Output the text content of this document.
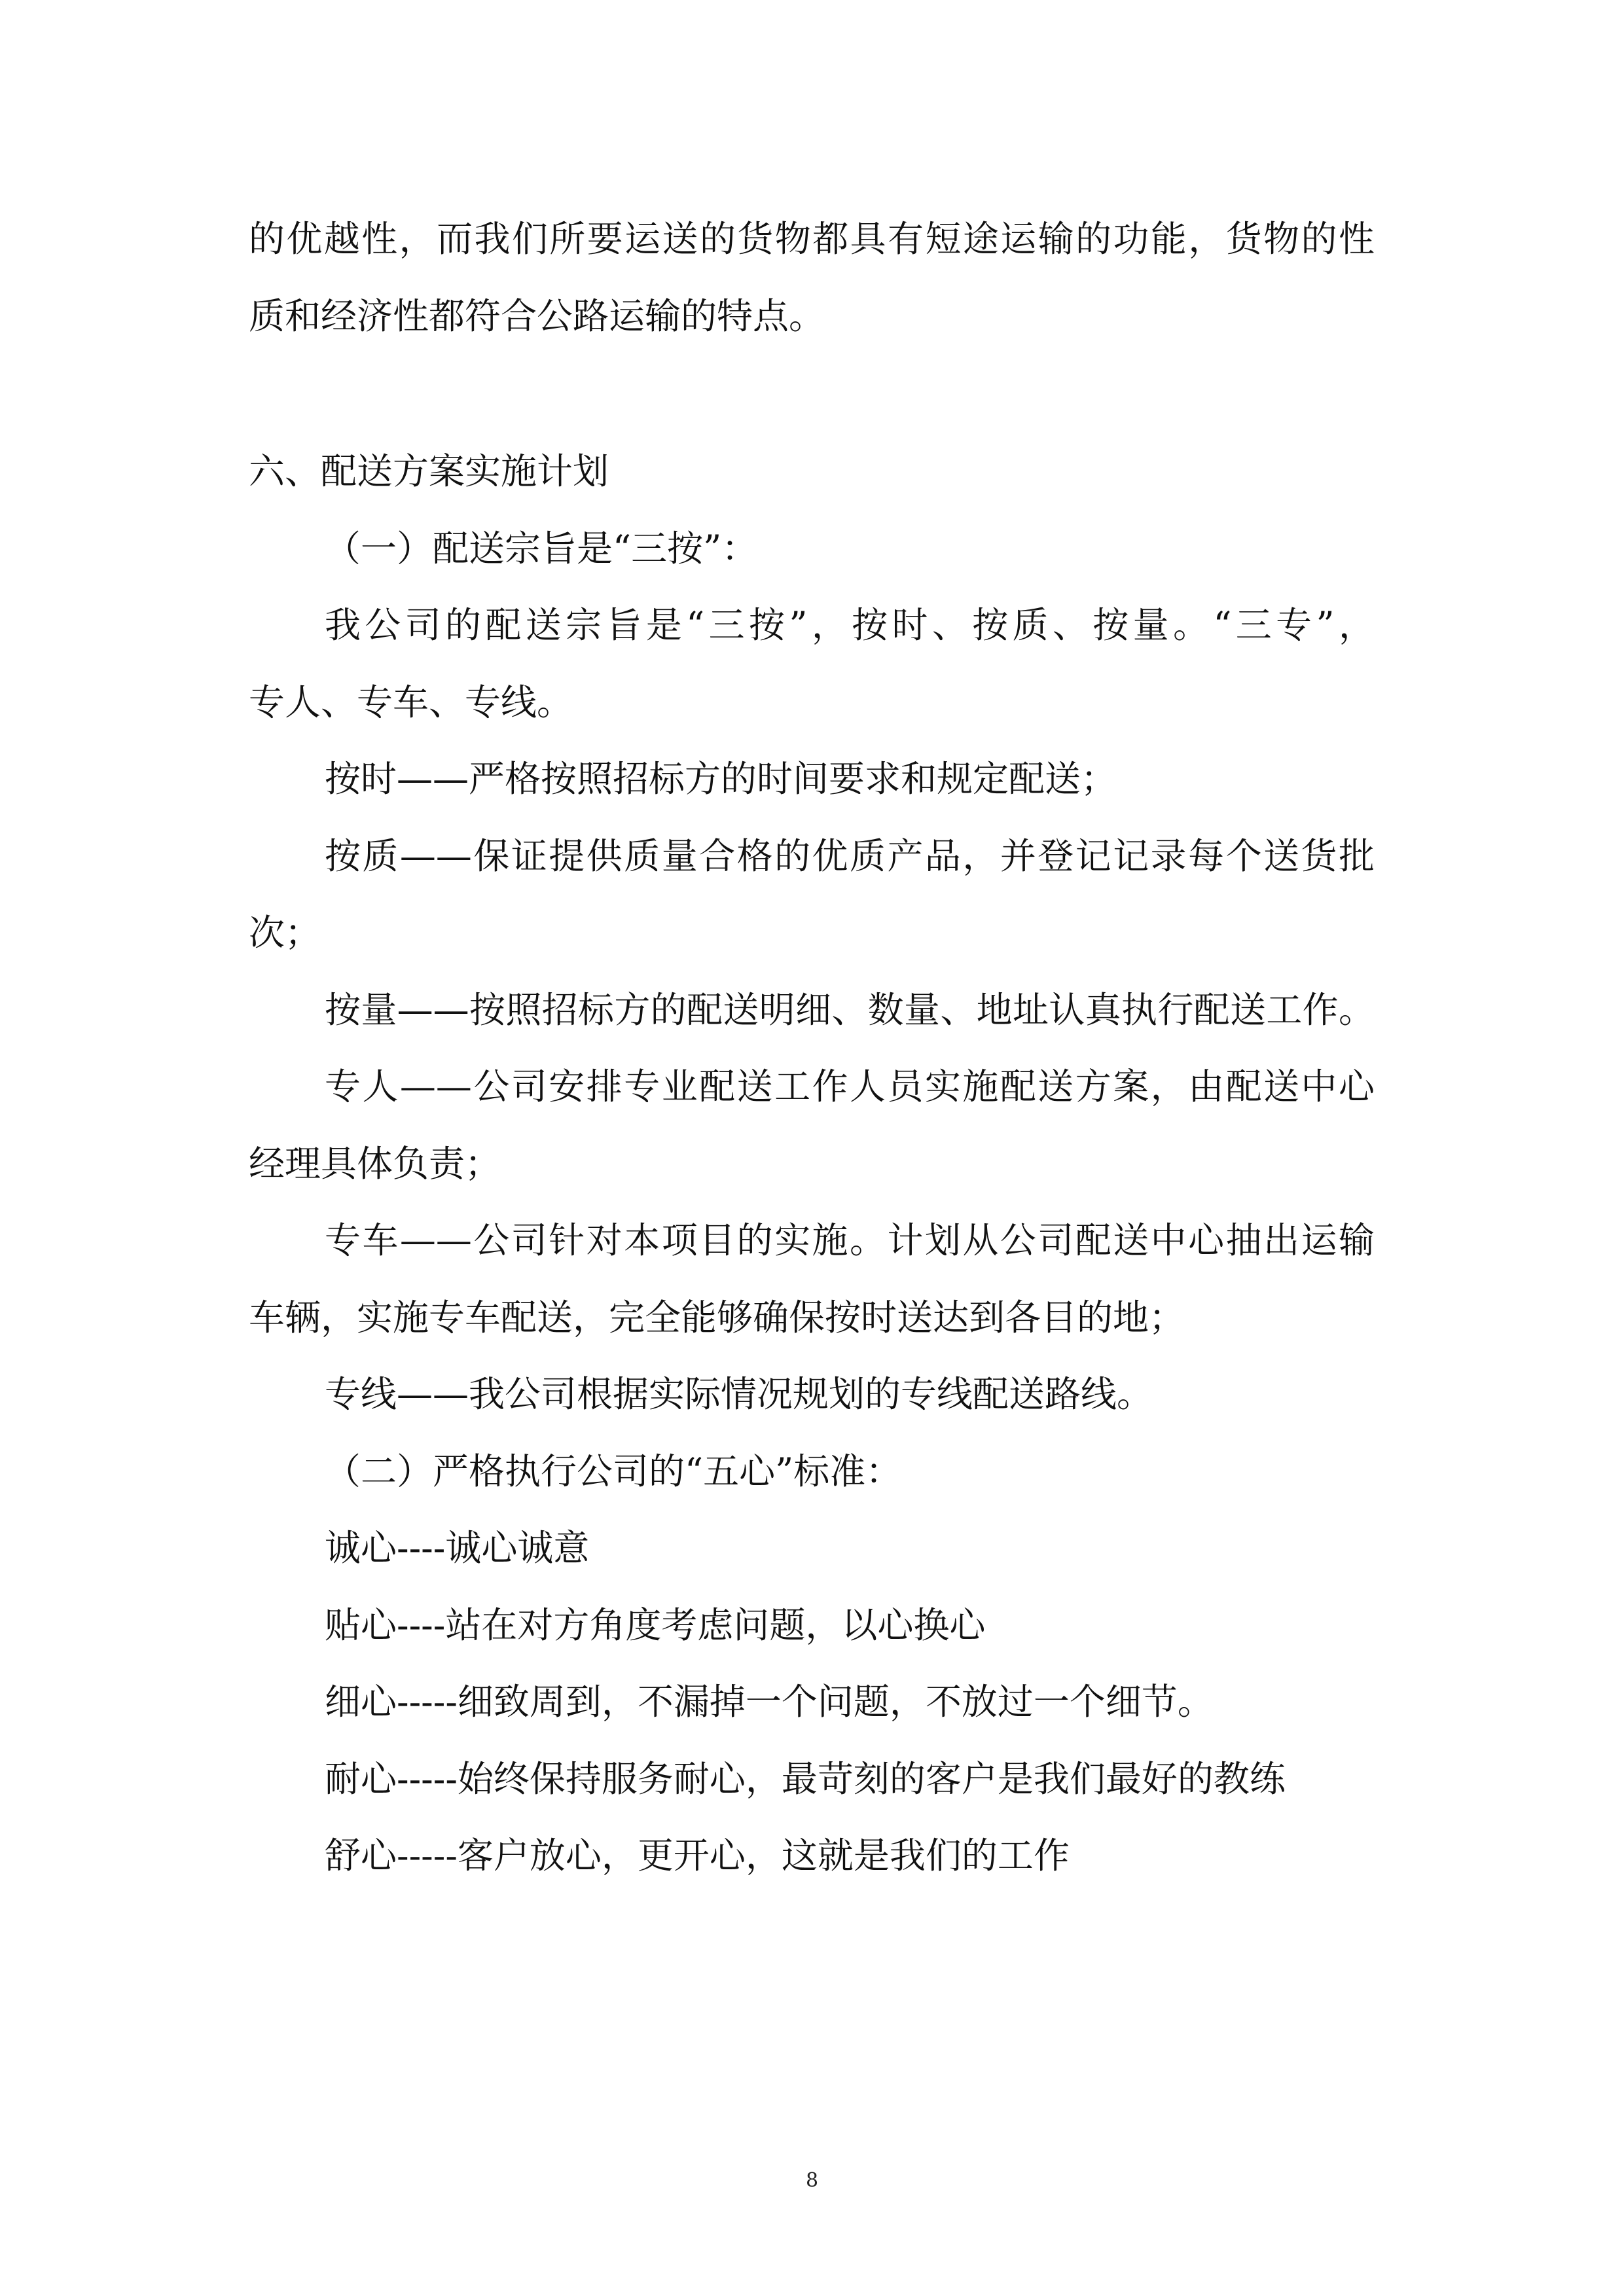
的优越性，而我们所要运送的货物都具有短途运输的功能，货物的性

质和经济性都符合公路运输的特点。

六、配送方案实施计划

（一）配送宗旨是“三按”：

我公司的配送宗旨是“三按”，按时、按质、按量。“三专”，

专人、专车、专线。

按时——严格按照招标方的时间要求和规定配送；

按质——保证提供质量合格的优质产品，并登记记录每个送货批

次；

按量——按照招标方的配送明细、数量、地址认真执行配送工作。

专人——公司安排专业配送工作人员实施配送方案，由配送中心

经理具体负责；

专车——公司针对本项目的实施。计划从公司配送中心抽出运输

车辆，实施专车配送，完全能够确保按时送达到各目的地；

专线——我公司根据实际情况规划的专线配送路线。

（二）严格执行公司的“五心”标准：

诚心----诚心诚意

贴心----站在对方角度考虑问题，以心换心

细心-----细致周到，不漏掉一个问题，不放过一个细节。

耐心-----始终保持服务耐心，最苛刻的客户是我们最好的教练

舒心-----客户放心，更开心，这就是我们的工作

8
